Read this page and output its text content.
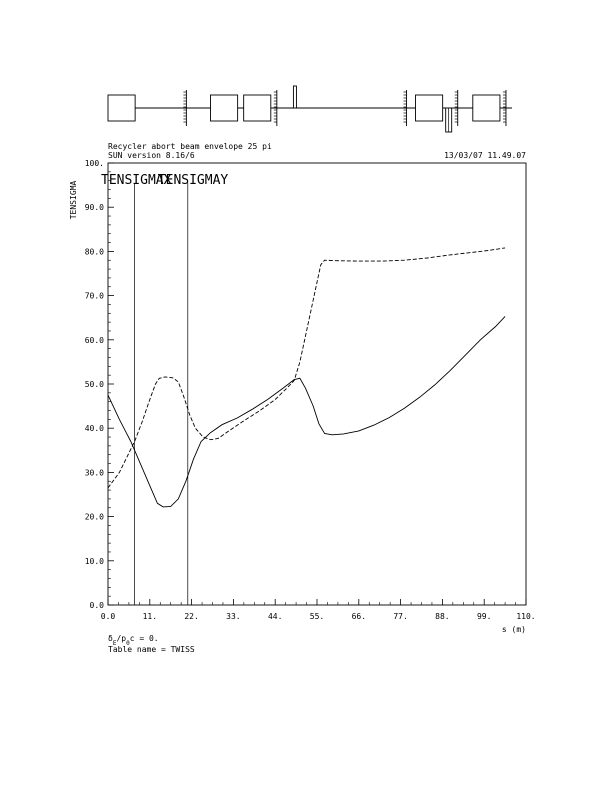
Recycler abort beam envelope 25 pi
SUN version 8.16/6	13/03/07 11.49.07
TENSIGMA
0.0	11.	22.	33.	44.	55.	66.	77.	88.	99.	110.
0.0
10.0
20.0
30.0
40.0
50.0
60.0
70.0
80.0
90.0
100.
TENSIGMAX
TENSIGMAY
s (m)
$\delta_E/p_0c = 0$.
Table name = TWISS
